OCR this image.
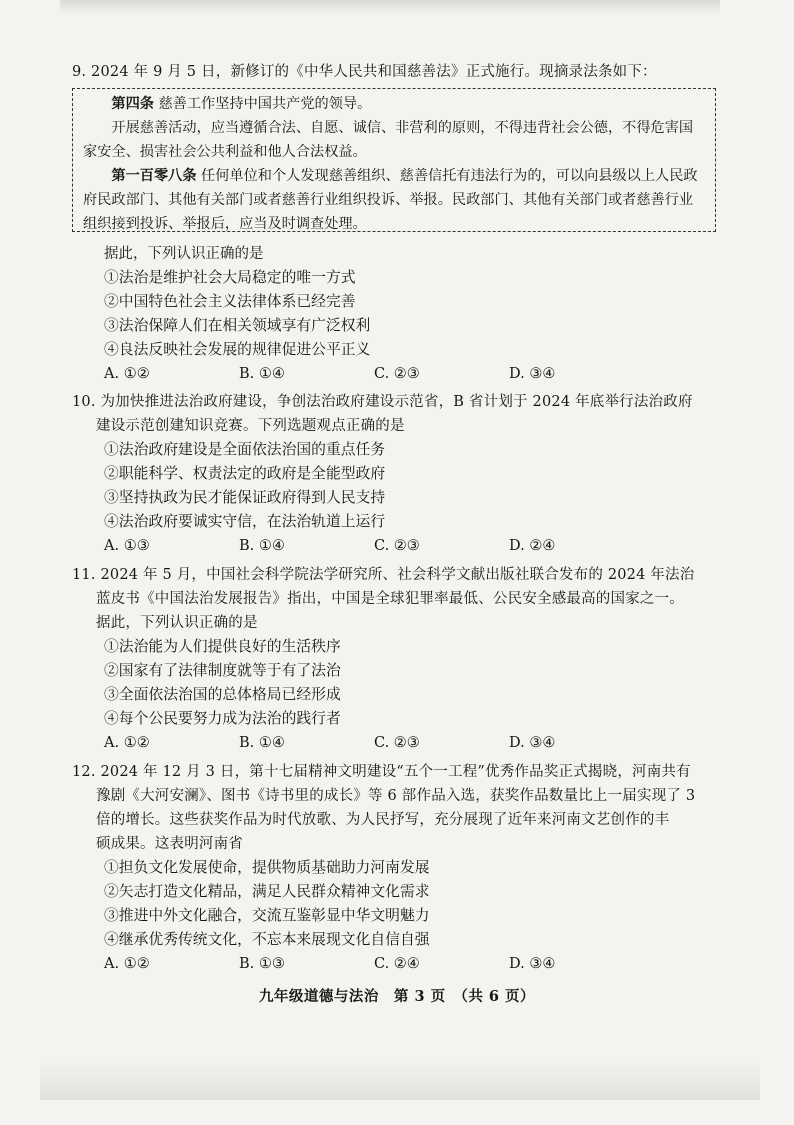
9. 2024 年 9 月 5 日，新修订的《中华人民共和国慈善法》正式施行。现摘录法条如下：

第四条 慈善工作坚持中国共产党的领导。

开展慈善活动，应当遵循合法、自愿、诚信、非营利的原则，不得违背社会公德，不得危害国家安全、损害社会公共利益和他人合法权益。

第一百零八条 任何单位和个人发现慈善组织、慈善信托有违法行为的，可以向县级以上人民政府民政部门、其他有关部门或者慈善行业组织投诉、举报。民政部门、其他有关部门或者慈善行业组织接到投诉、举报后，应当及时调查处理。

据此，下列认识正确的是
①法治是维护社会大局稳定的唯一方式
②中国特色社会主义法律体系已经完善
③法治保障人们在相关领域享有广泛权利
④良法反映社会发展的规律促进公平正义
A. ①②	B. ①④	C. ②③	D. ③④
10. 为加快推进法治政府建设，争创法治政府建设示范省，B 省计划于 2024 年底举行法治政府
建设示范创建知识竞赛。下列选题观点正确的是
①法治政府建设是全面依法治国的重点任务
②职能科学、权责法定的政府是全能型政府
③坚持执政为民才能保证政府得到人民支持
④法治政府要诚实守信，在法治轨道上运行
A. ①③	B. ①④	C. ②③	D. ②④
11. 2024 年 5 月，中国社会科学院法学研究所、社会科学文献出版社联合发布的 2024 年法治
蓝皮书《中国法治发展报告》指出，中国是全球犯罪率最低、公民安全感最高的国家之一。
据此，下列认识正确的是
①法治能为人们提供良好的生活秩序
②国家有了法律制度就等于有了法治
③全面依法治国的总体格局已经形成
④每个公民要努力成为法治的践行者
A. ①②	B. ①④	C. ②③	D. ③④
12. 2024 年 12 月 3 日，第十七届精神文明建设“五个一工程”优秀作品奖正式揭晓，河南共有
豫剧《大河安澜》、图书《诗书里的成长》等 6 部作品入选，获奖作品数量比上一届实现了 3
倍的增长。这些获奖作品为时代放歌、为人民抒写，充分展现了近年来河南文艺创作的丰
硕成果。这表明河南省
①担负文化发展使命，提供物质基础助力河南发展
②矢志打造文化精品，满足人民群众精神文化需求
③推进中外文化融合，交流互鉴彰显中华文明魅力
④继承优秀传统文化，不忘本来展现文化自信自强
A. ①②	B. ①③	C. ②④	D. ③④
九年级道德与法治　第 3 页　（共 6 页）
